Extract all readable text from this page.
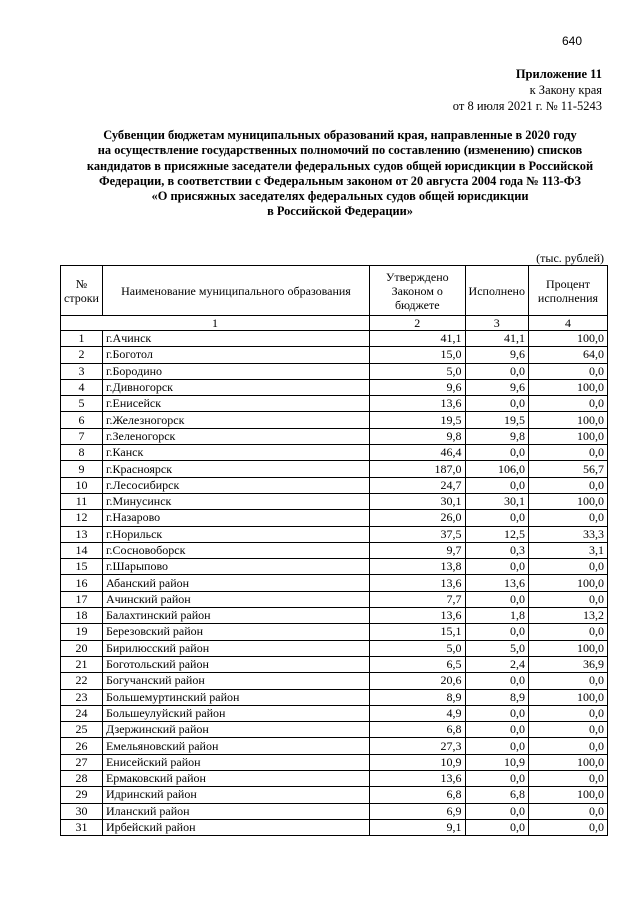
640
Приложение 11
к Закону края
от 8 июля 2021 г. № 11-5243
Субвенции бюджетам муниципальных образований края, направленные в 2020 году
на осуществление государственных полномочий по составлению (изменению) списков
кандидатов в присяжные заседатели федеральных судов общей юрисдикции в Российской
Федерации, в соответствии с Федеральным законом от 20 августа 2004 года № 113-ФЗ
«О присяжных заседателях федеральных судов общей юрисдикции
в Российской Федерации»
(тыс. рублей)
№ строки	Наименование муниципального образования	Утверждено Законом о бюджете	Исполнено	Процент исполнения
1		2	3	4
1	г.Ачинск	41,1	41,1	100,0
2	г.Боготол	15,0	9,6	64,0
3	г.Бородино	5,0	0,0	0,0
4	г.Дивногорск	9,6	9,6	100,0
5	г.Енисейск	13,6	0,0	0,0
6	г.Железногорск	19,5	19,5	100,0
7	г.Зеленогорск	9,8	9,8	100,0
8	г.Канск	46,4	0,0	0,0
9	г.Красноярск	187,0	106,0	56,7
10	г.Лесосибирск	24,7	0,0	0,0
11	г.Минусинск	30,1	30,1	100,0
12	г.Назарово	26,0	0,0	0,0
13	г.Норильск	37,5	12,5	33,3
14	г.Сосновоборск	9,7	0,3	3,1
15	г.Шарыпово	13,8	0,0	0,0
16	Абанский район	13,6	13,6	100,0
17	Ачинский район	7,7	0,0	0,0
18	Балахтинский район	13,6	1,8	13,2
19	Березовский район	15,1	0,0	0,0
20	Бирилюсский район	5,0	5,0	100,0
21	Боготольский район	6,5	2,4	36,9
22	Богучанский район	20,6	0,0	0,0
23	Большемуртинский район	8,9	8,9	100,0
24	Большеулуйский район	4,9	0,0	0,0
25	Дзержинский район	6,8	0,0	0,0
26	Емельяновский район	27,3	0,0	0,0
27	Енисейский район	10,9	10,9	100,0
28	Ермаковский район	13,6	0,0	0,0
29	Идринский район	6,8	6,8	100,0
30	Иланский район	6,9	0,0	0,0
31	Ирбейский район	9,1	0,0	0,0
